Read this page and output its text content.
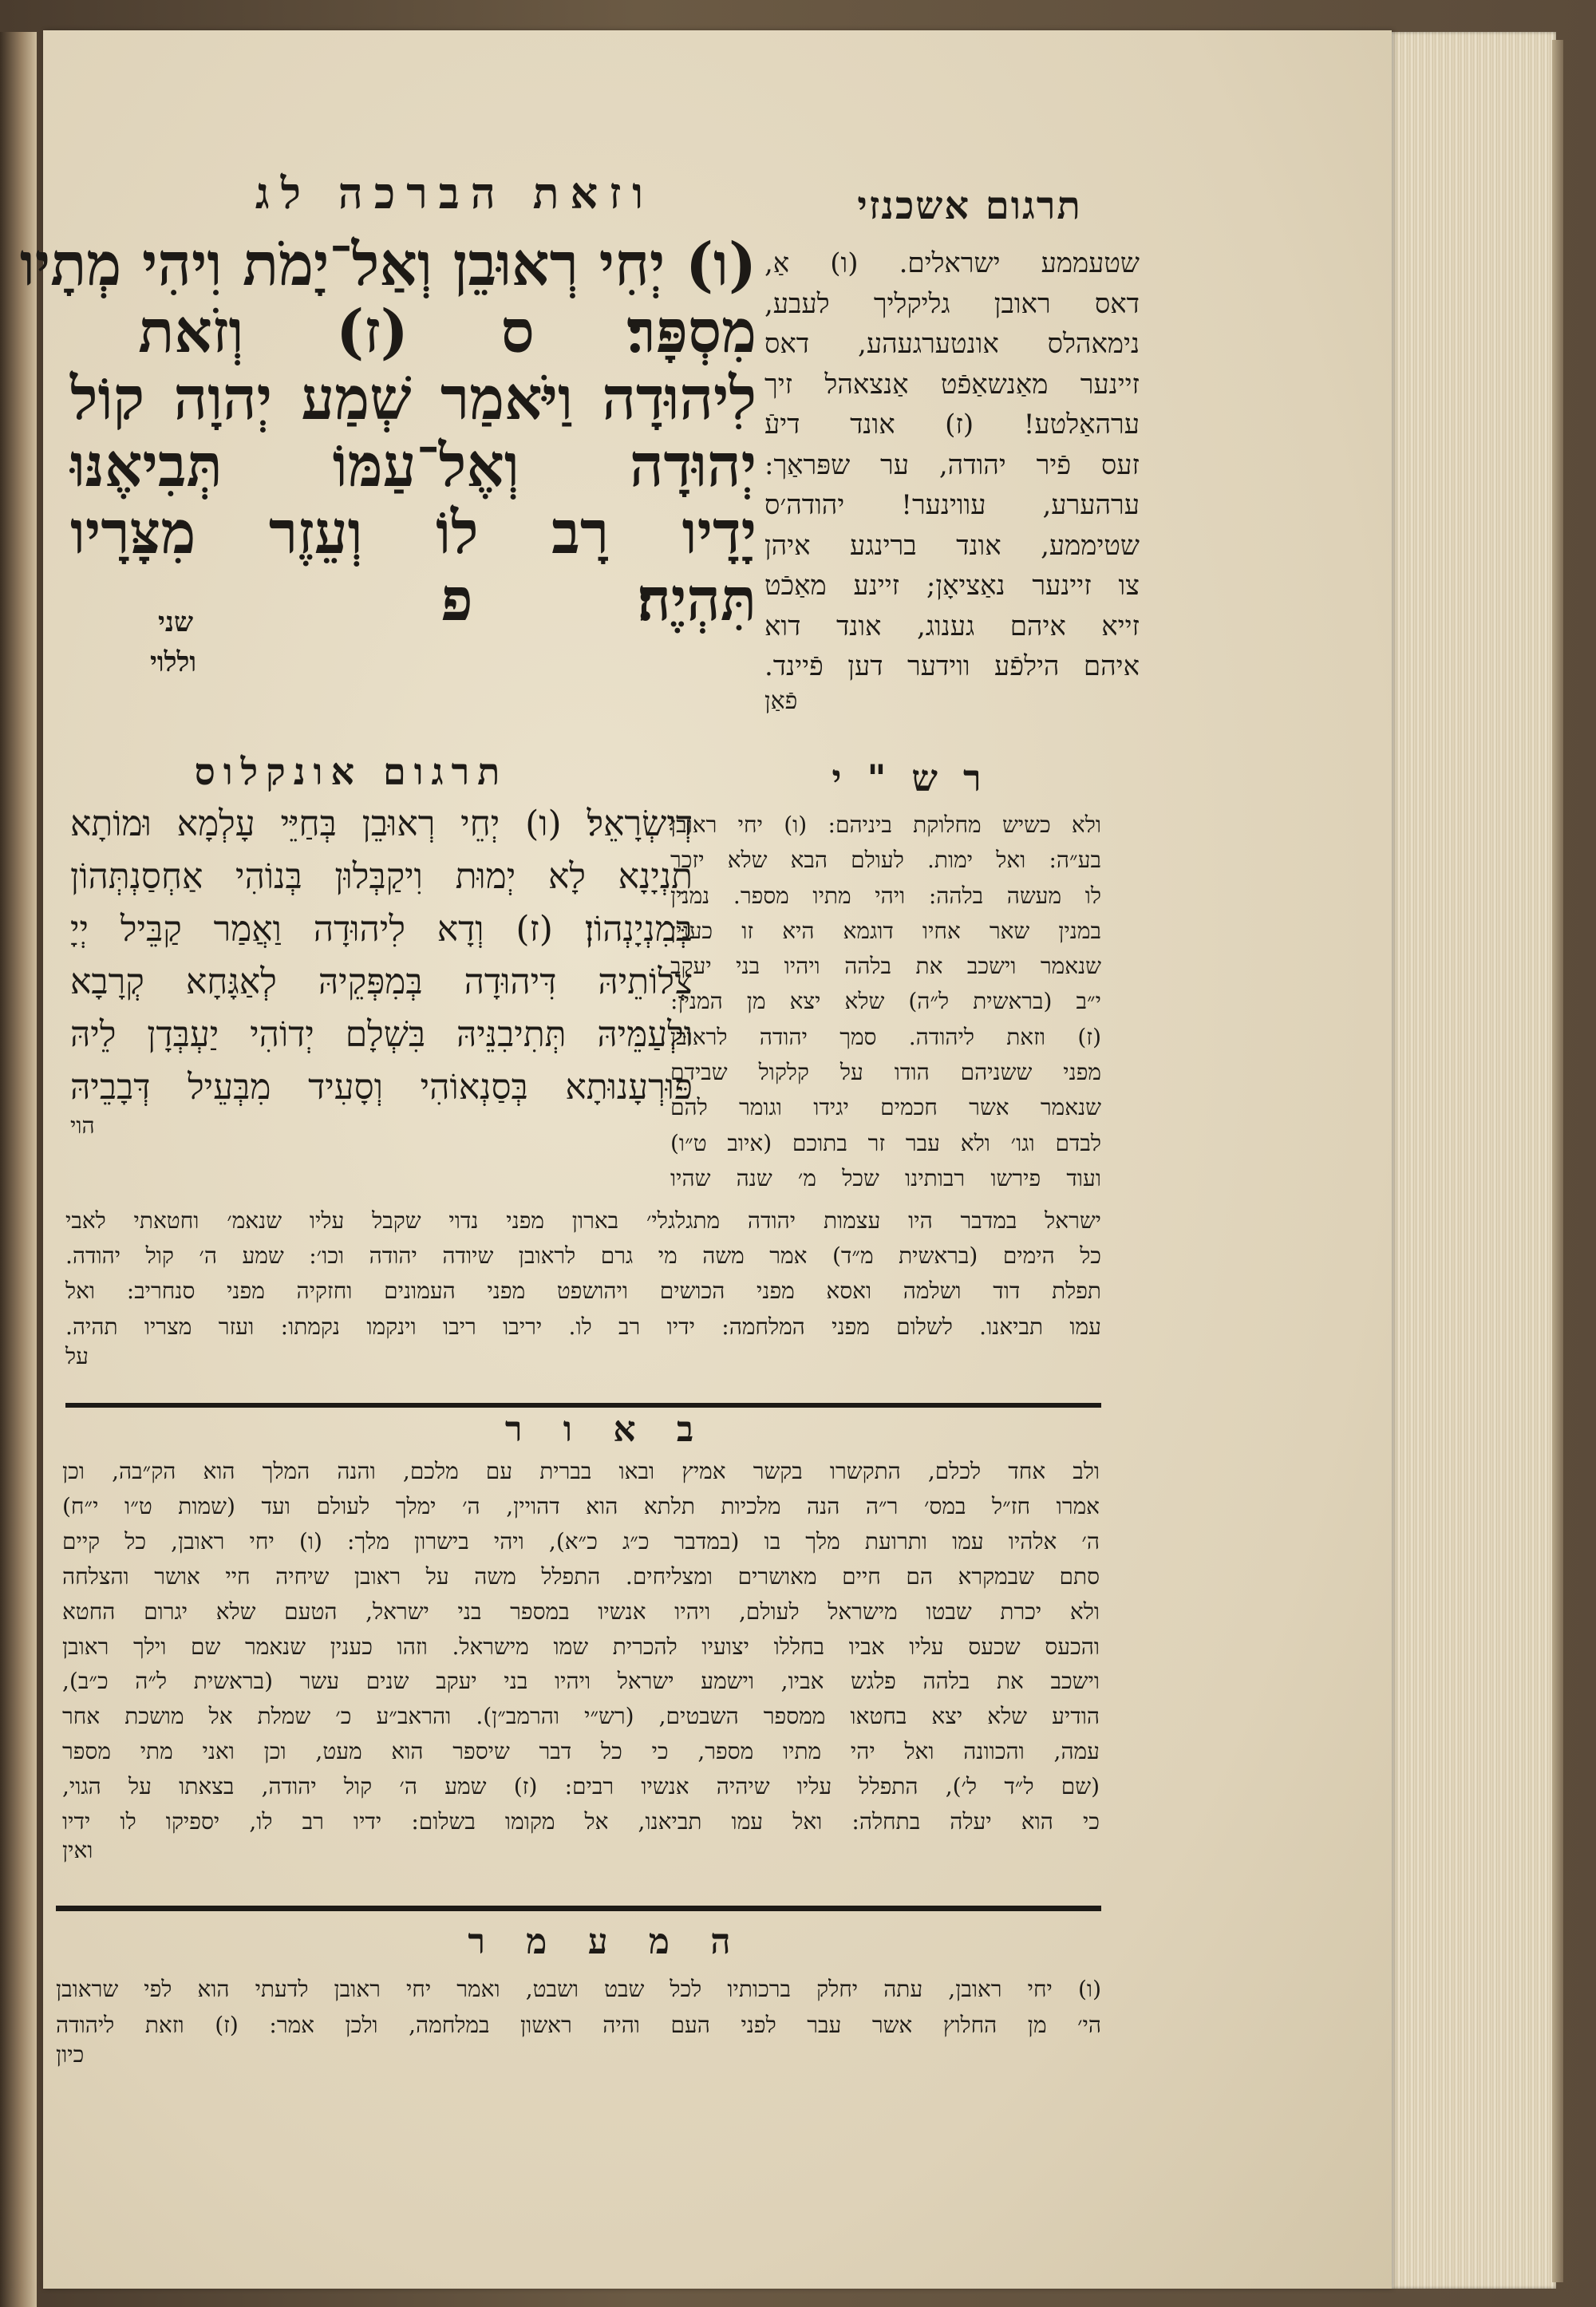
תרגום אשכנזי
וזאת הברכה לג
(ו) יְחִי רְאוּבֵן וְאַל־יָמֹת וִיהִי מְתָיו
מִסְפָּר׃ ס (ז) וְזֹאת
לִיהוּדָה וַיֹּאמַר שְׁמַע יְהוָה קוֹל
יְהוּדָה וְאֶל־עַמּוֹ תְּבִיאֶנּוּ
יָדָיו רָב לוֹ וְעֵזֶר מִצָּרָיו
תִּהְיֶה׃ פ
שני
וללוי
שטעממע ישראלים. (ו) אַ,
דאס ראובן גליקליך לעבע,
נימאהלס אונטערגעהע, דאס
זיינער מאַנשאַפֿט אַנצאהל זיך
ערהאַלטע! (ז) אונד דיעֿ
זעס פֿיר יהודה, ער שפּראַך:
ערהערע, עווינער! יהודה׳ס
שטיממע, אונד ברינגע איהן
צו זיינער נאַציאָן; זיינע מאַכֿט
זייא איהם גענוג, אונד דוא
איהם הילפֿע ווידער דען פֿיינד.
פֿאַן
תרגום אונקלוס
דְיִשְׂרָאֵל׃ (ו) יְחֵי רְאוּבֵן בְּחַיֵּי עָלְמָא וּמוֹתָא
תִנְיָנָא לָא יְמוּת וִיקַבְּלוּן בְּנוֹהִי אַחְסַנְתְּהוֹן
בְּמִנְיָנְהוֹן׃ (ז) וְדָא לִיהוּדָה וַאֲמַר קַבֵּיל יְיָ
צְלוֹתֵיהּ דִּיהוּדָה בְּמִפְּקֵיהּ לְאַגָּחָא קְרָבָא
וּלְעַמֵּיהּ תְּתִיבִנֵּיהּ בִּשְׁלָם יְדוֹהִי יַעְבְּדָן לֵיהּ
פּוּרְעָנוּתָא בְּסַנְאוֹהִי וְסָעִיד מִבְּעֵיל דְּבָבֵיהּ
הוי
ר ש " י
ולא כשיש מחלוקת ביניהם: (ו) יחי ראובן
בע״ה: ואל ימות. לעולם הבא שלא יזכר
לו מעשה בלהה: ויהי מתיו מספר. נמנין
במנין שאר אחיו דוגמא היא זו כענין
שנאמר וישכב את בלהה ויהיו בני יעקב
י״ב (בראשית ל״ה) שלא יצא מן המנין:
(ז) וזאת ליהודה. סמך יהודה לראובן
מפני ששניהם הודו על קלקול שבידם
שנאמר אשר חכמים יגידו וגומר להם
לבדם וגו׳ ולא עבר זר בתוכם (איוב ט״ו)
ועוד פירשו רבותינו שכל מ׳ שנה שהיו
ישראל במדבר היו עצמות יהודה מתגלגלי׳ בארון מפני נדוי שקבל עליו שנאמ׳ וחטאתי לאבי
כל הימים (בראשית מ״ד) אמר משה מי גרם לראובן שיודה יהודה וכו׳: שמע ה׳ קול יהודה.
תפלת דוד ושלמה ואסא מפני הכושים ויהושפט מפני העמונים וחזקיה מפני סנחריב: ואל
עמו תביאנו. לשלום מפני המלחמה: ידיו רב לו. יריבו ריבו וינקמו נקמתו: ועזר מצריו תהיה.
על
ב א ו ר
ולב אחד לכלם, התקשרו בקשר אמיץ ובאו בברית עם מלכם, והנה המלך הוא הק״בה, וכן
אמרו חז״ל במס׳ ר״ה הנה מלכיות תלתא הוא דהויין, ה׳ ימלך לעולם ועד (שמות ט״ו י״ח)
ה׳ אלהיו עמו ותרועת מלך בו (במדבר כ״ג כ״א), ויהי בישרון מלך: (ו) יחי ראובן, כל קיים
סתם שבמקרא הם חיים מאושרים ומצליחים. התפלל משה על ראובן שיחיה חיי אושר והצלחה
ולא יכרת שבטו מישראל לעולם, ויהיו אנשיו במספר בני ישראל, הטעם שלא יגרום החטא
והכעס שכעס עליו אביו בחללו יצועיו להכרית שמו מישראל. וזהו כענין שנאמר שם וילך ראובן
וישכב את בלהה פלגש אביו, וישמע ישראל ויהיו בני יעקב שנים עשר (בראשית ל״ה כ״ב),
הודיע שלא יצא בחטאו ממספר השבטים, (רש״י והרמב״ן). והראב״ע כ׳ שמלת אל מושכת אחר
עמה, והכוונה ואל יהי מתיו מספר, כי כל דבר שיספר הוא מעט, וכן ואני מתי מספר
(שם ל״ד ל׳), התפלל עליו שיהיה אנשיו רבים: (ז) שמע ה׳ קול יהודה, בצאתו על הגוי,
כי הוא יעלה בתחלה: ואל עמו תביאנו, אל מקומו בשלום: ידיו רב לו, יספיקו לו ידיו
ואין
ה מ ע מ ר
(ו) יחי ראובן, עתה יחלק ברכותיו לכל שבט ושבט, ואמר יחי ראובן לדעתי הוא לפי שראובן
הי׳ מן החלוץ אשר עבר לפני העם והיה ראשון במלחמה, ולכן אמר: (ז) וזאת ליהודה
כיון
